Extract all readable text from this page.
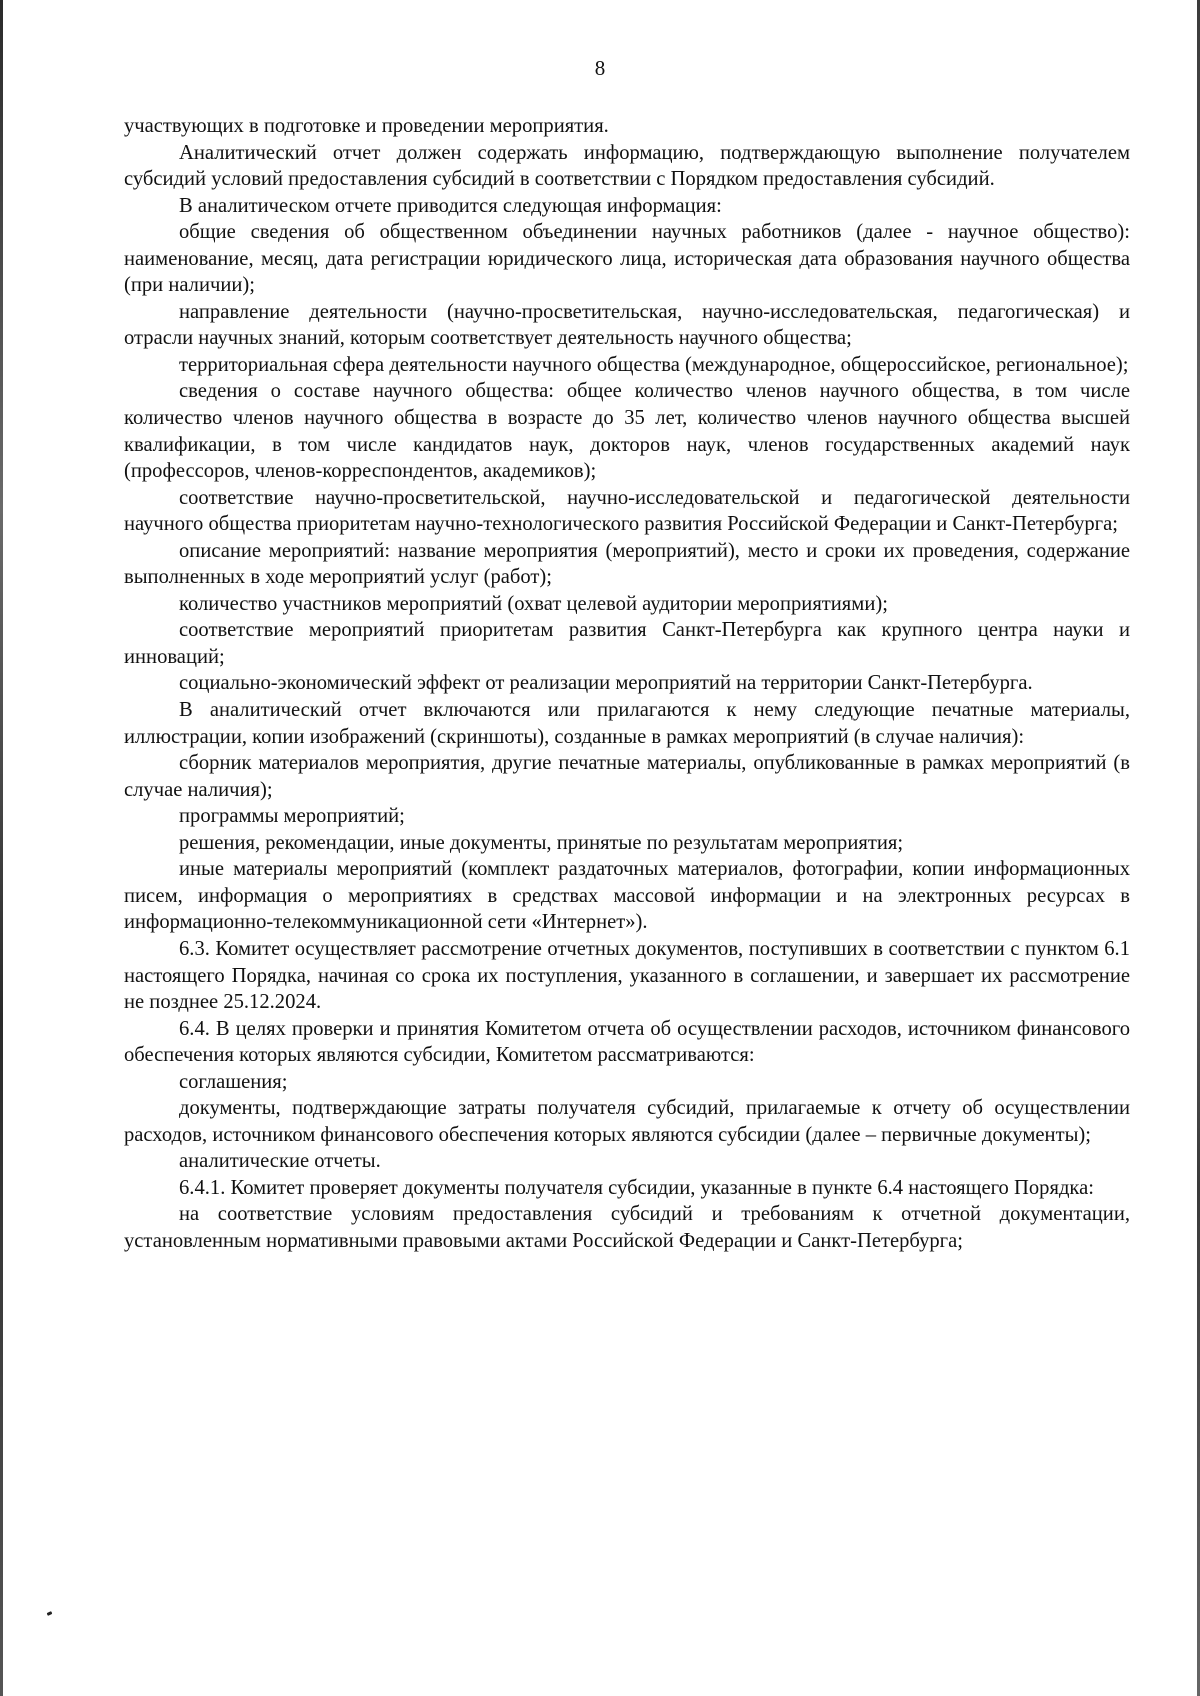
8

участвующих в подготовке и проведении мероприятия.

Аналитический отчет должен содержать информацию, подтверждающую выполнение получателем субсидий условий предоставления субсидий в соответствии с Порядком предоставления субсидий.

В аналитическом отчете приводится следующая информация:

общие сведения об общественном объединении научных работников (далее - научное общество): наименование, месяц, дата регистрации юридического лица, историческая дата образования научного общества (при наличии);

направление деятельности (научно-просветительская, научно-исследовательская, педагогическая) и отрасли научных знаний, которым соответствует деятельность научного общества;

территориальная сфера деятельности научного общества (международное, общероссийское, региональное);

сведения о составе научного общества: общее количество членов научного общества, в том числе количество членов научного общества в возрасте до 35 лет, количество членов научного общества высшей квалификации, в том числе кандидатов наук, докторов наук, членов государственных академий наук (профессоров, членов-корреспондентов, академиков);

соответствие научно-просветительской, научно-исследовательской и педагогической деятельности научного общества приоритетам научно-технологического развития Российской Федерации и Санкт-Петербурга;

описание мероприятий: название мероприятия (мероприятий), место и сроки их проведения, содержание выполненных в ходе мероприятий услуг (работ);

количество участников мероприятий (охват целевой аудитории мероприятиями);

соответствие мероприятий приоритетам развития Санкт-Петербурга как крупного центра науки и инноваций;

социально-экономический эффект от реализации мероприятий на территории Санкт-Петербурга.

В аналитический отчет включаются или прилагаются к нему следующие печатные материалы, иллюстрации, копии изображений (скриншоты), созданные в рамках мероприятий (в случае наличия):

сборник материалов мероприятия, другие печатные материалы, опубликованные в рамках мероприятий (в случае наличия);

программы мероприятий;

решения, рекомендации, иные документы, принятые по результатам мероприятия;

иные материалы мероприятий (комплект раздаточных материалов, фотографии, копии информационных писем, информация о мероприятиях в средствах массовой информации и на электронных ресурсах в информационно-телекоммуникационной сети «Интернет»).

6.3. Комитет осуществляет рассмотрение отчетных документов, поступивших в соответствии с пунктом 6.1 настоящего Порядка, начиная со срока их поступления, указанного в соглашении, и завершает их рассмотрение не позднее 25.12.2024.

6.4. В целях проверки и принятия Комитетом отчета об осуществлении расходов, источником финансового обеспечения которых являются субсидии, Комитетом рассматриваются:

соглашения;

документы, подтверждающие затраты получателя субсидий, прилагаемые к отчету об осуществлении расходов, источником финансового обеспечения которых являются субсидии (далее – первичные документы);

аналитические отчеты.

6.4.1. Комитет проверяет документы получателя субсидии, указанные в пункте 6.4 настоящего Порядка:

на соответствие условиям предоставления субсидий и требованиям к отчетной документации, установленным нормативными правовыми актами Российской Федерации и Санкт-Петербурга;
